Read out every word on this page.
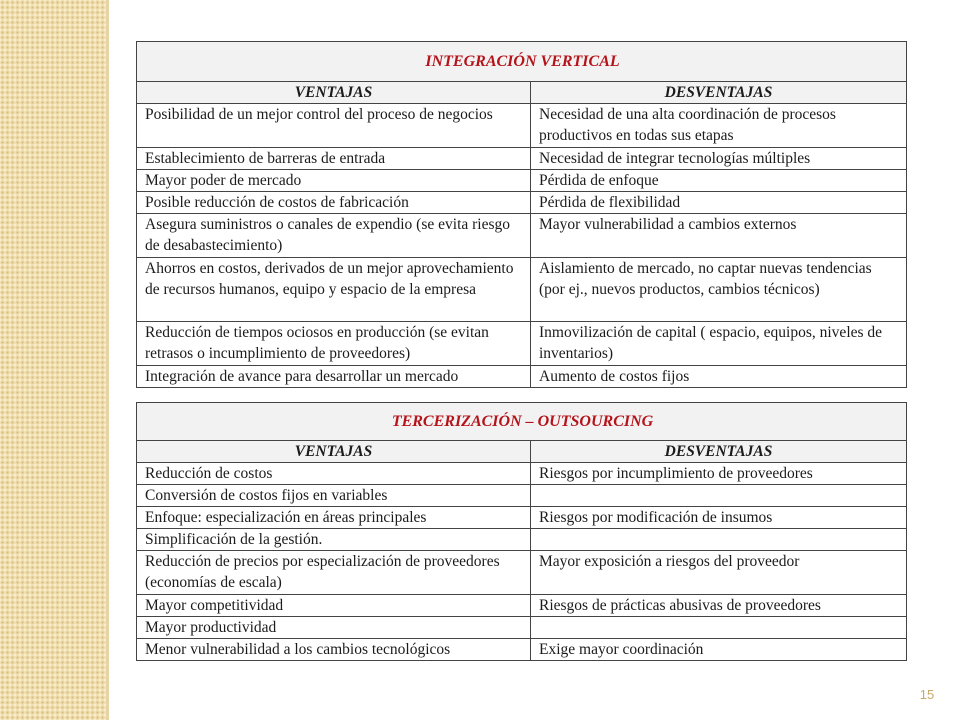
INTEGRACIÓN VERTICAL	
VENTAJAS	DESVENTAJAS
Posibilidad de un mejor control del proceso de negocios	Necesidad de una alta coordinación de procesos productivos en todas sus etapas
Establecimiento de barreras de entrada	Necesidad de integrar tecnologías múltiples
Mayor poder de mercado	Pérdida de enfoque
Posible reducción de costos de fabricación	Pérdida de flexibilidad
Asegura suministros o canales de expendio (se evita riesgo de desabastecimiento)	Mayor vulnerabilidad a cambios externos
Ahorros en costos, derivados de un mejor aprovechamiento de recursos humanos, equipo y espacio de la empresa	Aislamiento de mercado, no captar nuevas tendencias (por ej., nuevos productos, cambios técnicos)
Reducción de tiempos ociosos en producción (se evitan retrasos o incumplimiento de proveedores)	Inmovilización de capital ( espacio, equipos, niveles de inventarios)
Integración de avance para desarrollar un mercado	Aumento de costos fijos
TERCERIZACIÓN – OUTSOURCING	
VENTAJAS	DESVENTAJAS
Reducción de costos	Riesgos por incumplimiento de proveedores
Conversión de costos fijos en variables	
Enfoque: especialización en áreas principales	Riesgos por modificación de insumos
Simplificación de la gestión.	
Reducción de precios por especialización de proveedores (economías de escala)	Mayor exposición a riesgos del proveedor
Mayor competitividad	Riesgos de prácticas abusivas de proveedores
Mayor productividad	
Menor vulnerabilidad a los cambios tecnológicos	Exige mayor coordinación
15
